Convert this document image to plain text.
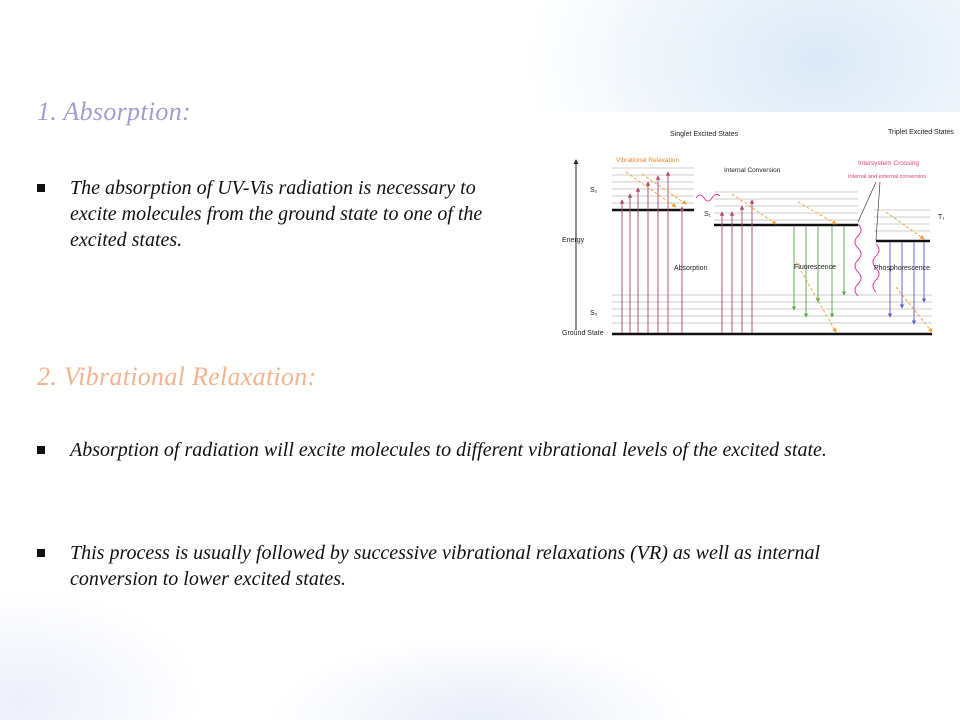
1. Absorption:
The absorption of UV-Vis radiation is necessary to excite molecules from the ground state to one of the excited states.
2. Vibrational Relaxation:
Absorption of radiation will excite molecules to different vibrational levels of the excited state.
This process is usually followed by successive vibrational relaxations (VR) as well as internal conversion to lower excited states.
Singlet Excited States	Triplet Excited States
Vibrational Relaxation
Internal Conversion
Intersystem Crossing
Internal and external conversion
Energy
Absorption	Fluorescence	Phosphorescence
Ground State
S₂
S₁
S₀
T₁
